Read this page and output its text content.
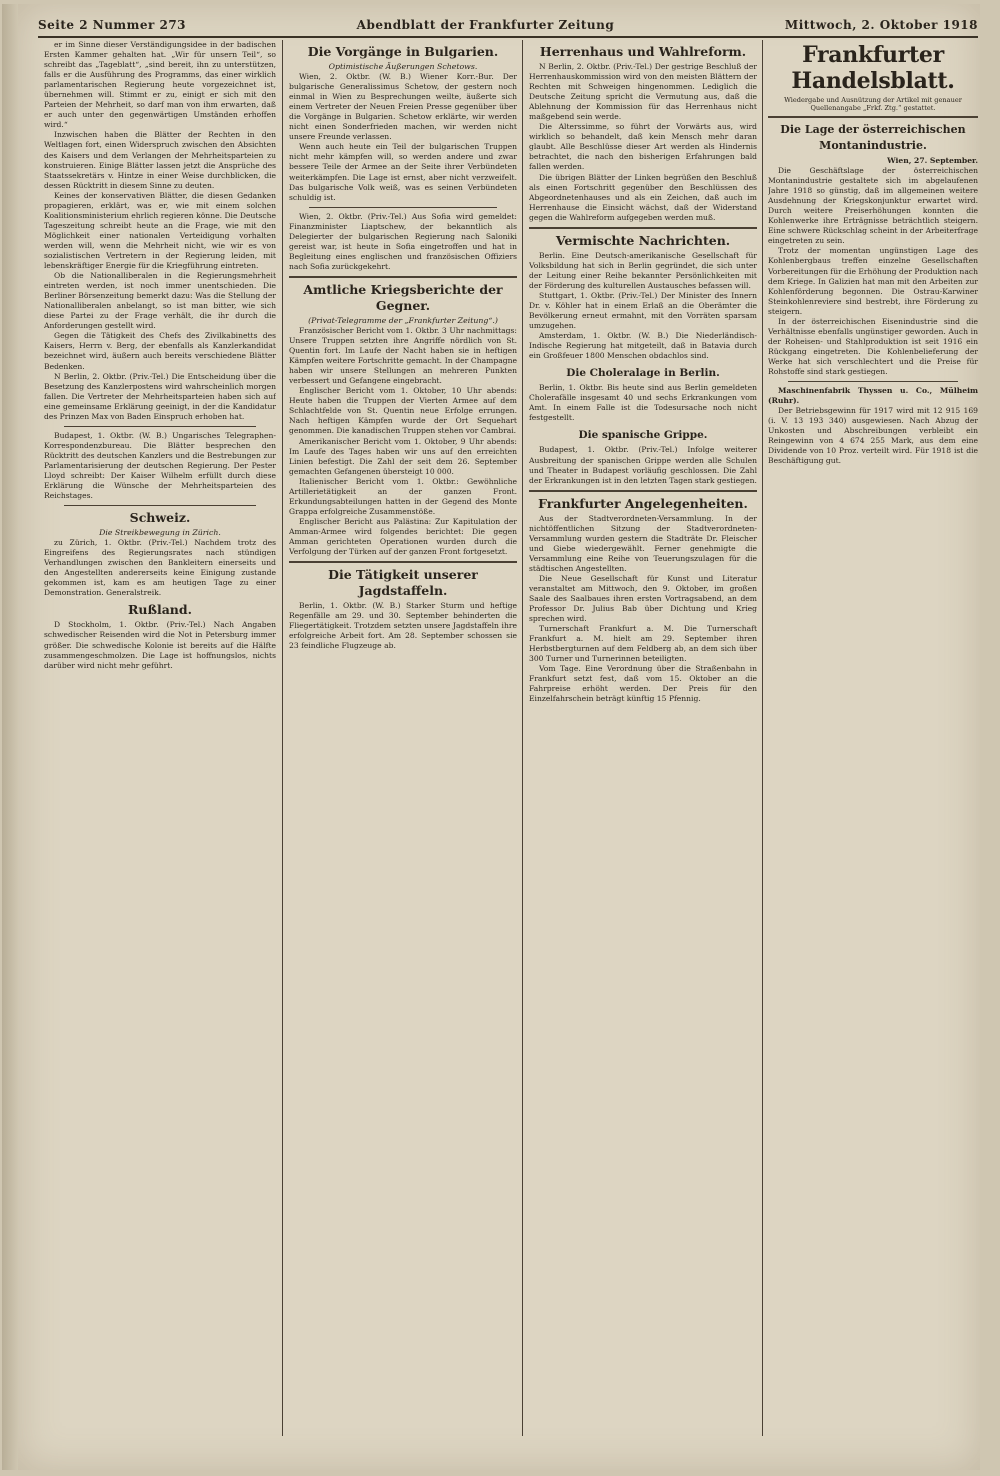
Seite 2 Nummer 273	Abendblatt der Frankfurter Zeitung	Mittwoch, 2. Oktober 1918

er im Sinne dieser Verständigungsidee in der badischen Ersten Kammer gehalten hat. „Wir für unsern Teil“, so schreibt das „Tageblatt“, „sind bereit, ihn zu unterstützen, falls er die Ausführung des Programms, das einer wirklich parlamentarischen Regierung heute vorgezeichnet ist, übernehmen will. Stimmt er zu, einigt er sich mit den Parteien der Mehrheit, so darf man von ihm erwarten, daß er auch unter den gegenwärtigen Umständen erhoffen wird.“

Inzwischen haben die Blätter der Rechten in den Weltlagen fort, einen Widerspruch zwischen den Absichten des Kaisers und dem Verlangen der Mehrheitsparteien zu konstruieren. Einige Blätter lassen jetzt die Ansprüche des Staatssekretärs v. Hintze in einer Weise durchblicken, die dessen Rücktritt in diesem Sinne zu deuten.

Keines der konservativen Blätter, die diesen Gedanken propagieren, erklärt, was er, wie mit einem solchen Koalitionsministerium ehrlich regieren könne. Die Deutsche Tageszeitung schreibt heute an die Frage, wie mit den Möglichkeit einer nationalen Verteidigung vorhalten werden will, wenn die Mehrheit nicht, wie wir es von sozialistischen Vertretern in der Regierung leiden, mit lebenskräftiger Energie für die Kriegführung eintreten.

Ob die Nationalliberalen in die Regierungsmehrheit eintreten werden, ist noch immer unentschieden. Die Berliner Börsenzeitung bemerkt dazu: Was die Stellung der Nationalliberalen anbelangt, so ist man bitter, wie sich diese Partei zu der Frage verhält, die ihr durch die Anforderungen gestellt wird.

Gegen die Tätigkeit des Chefs des Zivilkabinetts des Kaisers, Herrn v. Berg, der ebenfalls als Kanzlerkandidat bezeichnet wird, äußern auch bereits verschiedene Blätter Bedenken.

N Berlin, 2. Oktbr. (Priv.-Tel.) Die Entscheidung über die Besetzung des Kanzlerpostens wird wahrscheinlich morgen fallen. Die Vertreter der Mehrheitsparteien haben sich auf eine gemeinsame Erklärung geeinigt, in der die Kandidatur des Prinzen Max von Baden Einspruch erhoben hat.

Budapest, 1. Oktbr. (W. B.) Ungarisches Telegraphen-Korrespondenzbureau. Die Blätter besprechen den Rücktritt des deutschen Kanzlers und die Bestrebungen zur Parlamentarisierung der deutschen Regierung. Der Pester Lloyd schreibt: Der Kaiser Wilhelm erfüllt durch diese Erklärung die Wünsche der Mehrheitsparteien des Reichstages.

Schweiz.

Die Streikbewegung in Zürich.

zu Zürich, 1. Oktbr. (Priv.-Tel.) Nachdem trotz des Eingreifens des Regierungsrates nach stündigen Verhandlungen zwischen den Bankleitern einerseits und den Angestellten andererseits keine Einigung zustande gekommen ist, kam es am heutigen Tage zu einer Demonstration. Generalstreik.

Rußland.

D Stockholm, 1. Oktbr. (Priv.-Tel.) Nach Angaben schwedischer Reisenden wird die Not in Petersburg immer größer. Die schwedische Kolonie ist bereits auf die Hälfte zusammengeschmolzen. Die Lage ist hoffnungslos, nichts darüber wird nicht mehr geführt.

Die Vorgänge in Bulgarien.

Optimistische Äußerungen Schetows.

Wien, 2. Oktbr. (W. B.) Wiener Korr.-Bur. Der bulgarische Generalissimus Schetow, der gestern noch einmal in Wien zu Besprechungen weilte, äußerte sich einem Vertreter der Neuen Freien Presse gegenüber über die Vorgänge in Bulgarien. Schetow erklärte, wir werden nicht einen Sonderfrieden machen, wir werden nicht unsere Freunde verlassen.

Wenn auch heute ein Teil der bulgarischen Truppen nicht mehr kämpfen will, so werden andere und zwar bessere Teile der Armee an der Seite ihrer Verbündeten weiterkämpfen. Die Lage ist ernst, aber nicht verzweifelt. Das bulgarische Volk weiß, was es seinen Verbündeten schuldig ist.

Wien, 2. Oktbr. (Priv.-Tel.) Aus Sofia wird gemeldet: Finanzminister Liaptschew, der bekanntlich als Delegierter der bulgarischen Regierung nach Saloniki gereist war, ist heute in Sofia eingetroffen und hat in Begleitung eines englischen und französischen Offiziers nach Sofia zurückgekehrt.

Amtliche Kriegsberichte der Gegner.

(Privat-Telegramme der „Frankfurter Zeitung“.)

Französischer Bericht vom 1. Oktbr. 3 Uhr nachmittags: Unsere Truppen setzten ihre Angriffe nördlich von St. Quentin fort. Im Laufe der Nacht haben sie in heftigen Kämpfen weitere Fortschritte gemacht. In der Champagne haben wir unsere Stellungen an mehreren Punkten verbessert und Gefangene eingebracht.

Englischer Bericht vom 1. Oktober, 10 Uhr abends: Heute haben die Truppen der Vierten Armee auf dem Schlachtfelde von St. Quentin neue Erfolge errungen. Nach heftigen Kämpfen wurde der Ort Sequehart genommen. Die kanadischen Truppen stehen vor Cambrai.

Amerikanischer Bericht vom 1. Oktober, 9 Uhr abends: Im Laufe des Tages haben wir uns auf den erreichten Linien befestigt. Die Zahl der seit dem 26. September gemachten Gefangenen übersteigt 10 000.

Italienischer Bericht vom 1. Oktbr.: Gewöhnliche Artillerietätigkeit an der ganzen Front. Erkundungsabteilungen hatten in der Gegend des Monte Grappa erfolgreiche Zusammenstöße.

Englischer Bericht aus Palästina: Zur Kapitulation der Amman-Armee wird folgendes berichtet: Die gegen Amman gerichteten Operationen wurden durch die Verfolgung der Türken auf der ganzen Front fortgesetzt.

Die Tätigkeit unserer Jagdstaffeln.

Berlin, 1. Oktbr. (W. B.) Starker Sturm und heftige Regenfälle am 29. und 30. September behinderten die Fliegertätigkeit. Trotzdem setzten unsere Jagdstaffeln ihre erfolgreiche Arbeit fort. Am 28. September schossen sie 23 feindliche Flugzeuge ab.

Herrenhaus und Wahlreform.

N Berlin, 2. Oktbr. (Priv.-Tel.) Der gestrige Beschluß der Herrenhauskommission wird von den meisten Blättern der Rechten mit Schweigen hingenommen. Lediglich die Deutsche Zeitung spricht die Vermutung aus, daß die Ablehnung der Kommission für das Herrenhaus nicht maßgebend sein werde.

Die Alterssimme, so führt der Vorwärts aus, wird wirklich so behandelt, daß kein Mensch mehr daran glaubt. Alle Beschlüsse dieser Art werden als Hindernis betrachtet, die nach den bisherigen Erfahrungen bald fallen werden.

Die übrigen Blätter der Linken begrüßen den Beschluß als einen Fortschritt gegenüber den Beschlüssen des Abgeordnetenhauses und als ein Zeichen, daß auch im Herrenhause die Einsicht wächst, daß der Widerstand gegen die Wahlreform aufgegeben werden muß.

Vermischte Nachrichten.

Berlin. Eine Deutsch-amerikanische Gesellschaft für Volksbildung hat sich in Berlin gegründet, die sich unter der Leitung einer Reihe bekannter Persönlichkeiten mit der Förderung des kulturellen Austausches befassen will.

Stuttgart, 1. Oktbr. (Priv.-Tel.) Der Minister des Innern Dr. v. Köhler hat in einem Erlaß an die Oberämter die Bevölkerung erneut ermahnt, mit den Vorräten sparsam umzugehen.

Amsterdam, 1. Oktbr. (W. B.) Die Niederländisch-Indische Regierung hat mitgeteilt, daß in Batavia durch ein Großfeuer 1800 Menschen obdachlos sind.

Die Choleralage in Berlin.

Berlin, 1. Oktbr. Bis heute sind aus Berlin gemeldeten Cholerafälle insgesamt 40 und sechs Erkrankungen vom Amt. In einem Falle ist die Todesursache noch nicht festgestellt.

Die spanische Grippe.

Budapest, 1. Oktbr. (Priv.-Tel.) Infolge weiterer Ausbreitung der spanischen Grippe werden alle Schulen und Theater in Budapest vorläufig geschlossen. Die Zahl der Erkrankungen ist in den letzten Tagen stark gestiegen.

Frankfurter Angelegenheiten.

Aus der Stadtverordneten-Versammlung. In der nichtöffentlichen Sitzung der Stadtverordneten-Versammlung wurden gestern die Stadträte Dr. Fleischer und Giebe wiedergewählt. Ferner genehmigte die Versammlung eine Reihe von Teuerungszulagen für die städtischen Angestellten.

Die Neue Gesellschaft für Kunst und Literatur veranstaltet am Mittwoch, den 9. Oktober, im großen Saale des Saalbaues ihren ersten Vortragsabend, an dem Professor Dr. Julius Bab über Dichtung und Krieg sprechen wird.

Turnerschaft Frankfurt a. M. Die Turnerschaft Frankfurt a. M. hielt am 29. September ihren Herbstbergturnen auf dem Feldberg ab, an dem sich über 300 Turner und Turnerinnen beteiligten.

Vom Tage. Eine Verordnung über die Straßenbahn in Frankfurt setzt fest, daß vom 15. Oktober an die Fahrpreise erhöht werden. Der Preis für den Einzelfahrschein beträgt künftig 15 Pfennig.

Frankfurter Handelsblatt.

Wiedergabe und Ausnützung der Artikel mit genauer Quellenangabe „Frkf. Ztg.“ gestattet.

Die Lage der österreichischen Montanindustrie.

Wien, 27. September.

Die Geschäftslage der österreichischen Montanindustrie gestaltete sich im abgelaufenen Jahre 1918 so günstig, daß im allgemeinen weitere Ausdehnung der Kriegskonjunktur erwartet wird. Durch weitere Preiserhöhungen konnten die Kohlenwerke ihre Erträgnisse beträchtlich steigern. Eine schwere Rückschlag scheint in der Arbeiterfrage eingetreten zu sein.

Trotz der momentan ungünstigen Lage des Kohlenbergbaus treffen einzelne Gesellschaften Vorbereitungen für die Erhöhung der Produktion nach dem Kriege. In Galizien hat man mit den Arbeiten zur Kohlenförderung begonnen. Die Ostrau-Karwiner Steinkohlenreviere sind bestrebt, ihre Förderung zu steigern.

In der österreichischen Eisenindustrie sind die Verhältnisse ebenfalls ungünstiger geworden. Auch in der Roheisen- und Stahlproduktion ist seit 1916 ein Rückgang eingetreten. Die Kohlenbelieferung der Werke hat sich verschlechtert und die Preise für Rohstoffe sind stark gestiegen.

Maschinenfabrik Thyssen u. Co., Mülheim (Ruhr).

Der Betriebsgewinn für 1917 wird mit 12 915 169 (i. V. 13 193 340) ausgewiesen. Nach Abzug der Unkosten und Abschreibungen verbleibt ein Reingewinn von 4 674 255 Mark, aus dem eine Dividende von 10 Proz. verteilt wird. Für 1918 ist die Beschäftigung gut.
